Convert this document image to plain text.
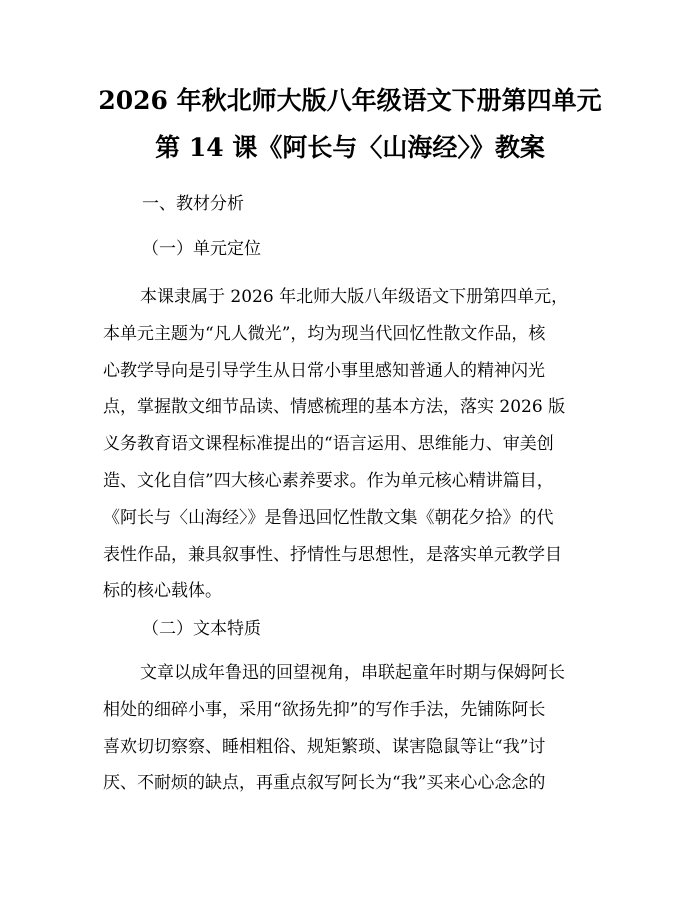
2026 年秋北师大版八年级语文下册第四单元
第 14 课《阿长与〈山海经〉》教案
一、教材分析
（一）单元定位
本课隶属于 2026 年北师大版八年级语文下册第四单元，
本单元主题为“凡人微光”，均为现当代回忆性散文作品，核
心教学导向是引导学生从日常小事里感知普通人的精神闪光
点，掌握散文细节品读、情感梳理的基本方法，落实 2026 版
义务教育语文课程标准提出的“语言运用、思维能力、审美创
造、文化自信”四大核心素养要求。作为单元核心精讲篇目，
《阿长与〈山海经〉》是鲁迅回忆性散文集《朝花夕拾》的代
表性作品，兼具叙事性、抒情性与思想性，是落实单元教学目
标的核心载体。
（二）文本特质
文章以成年鲁迅的回望视角，串联起童年时期与保姆阿长
相处的细碎小事，采用“欲扬先抑”的写作手法，先铺陈阿长
喜欢切切察察、睡相粗俗、规矩繁琐、谋害隐鼠等让“我”讨
厌、不耐烦的缺点，再重点叙写阿长为“我”买来心心念念的
